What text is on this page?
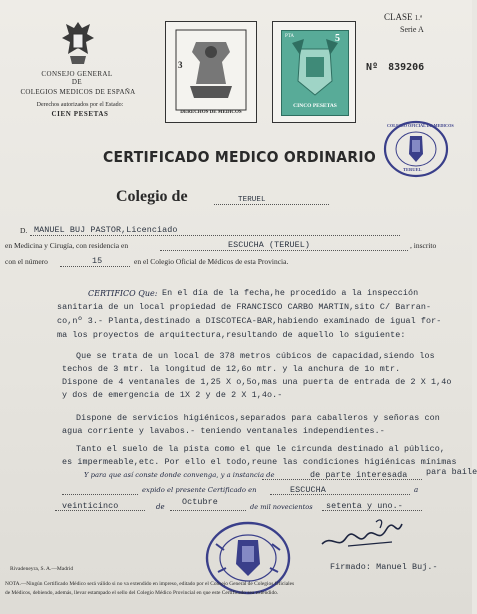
CONSEJO GENERAL
DE
COLEGIOS MEDICOS DE ESPAÑA
Derechos autorizados por el Estado:
CIEN PESETAS
3
DERECHOS DE MEDICOS
PTA	5
CINCO PESETAS
CLASE 1.ª
Serie A
Nº 839206
COLEGIO OFICIAL DE MEDICOS
TERUEL
CERTIFICADO MEDICO ORDINARIO
Colegio de	TERUEL
D. MANUEL BUJ PASTOR,Licenciado
en Medicina y Cirugía, con residencia en	ESCUCHA (TERUEL)	, inscrito
con el número	15	en el Colegio Oficial de Médicos de esta Provincia.
CERTIFICO Que: En el día de la fecha,he procedido a la inspección
sanitaria de un local propiedad de FRANCISCO CARBO MARTIN,sito C/ Barran-
co,nº 3.- Planta,destinado a DISCOTECA-BAR,habiendo examinado de igual for-
ma los proyectos de arquitectura,resultando de aquello lo siguiente:
Que se trata de un local de 378 metros cúbicos de capacidad,siendo los
techos de 3 mtr. la longitud de 12,6o mtr. y la anchura de 1o mtr.
Dispone de 4 ventanales de 1,25 X o,5o,mas una puerta de entrada de 2 X 1,4o
y dos de emergencia de 1X 2 y de 2 X 1,4o.-
Dispone de servicios higiénicos,separados para caballeros y señoras con
agua corriente y lavabos.- teniendo ventanales independientes.-
Tanto el suelo de la pista como el que le circunda destinado al público,
es impermeable,etc. Por ello el todo,reune las condiciones higiénicas mínimas
Y para que así conste donde convenga, y a instancia de	de parte interesada para baile
expido el presente Certificado en	ESCUCHA	a
veinticinco	de Octubre	de mil novecientos setenta y uno.-
Firmado: Manuel Buj.-
Rivadeneyra, S. A.—Madrid
NOTA.—Ningún Certificado Médico será válido si no va extendido en impreso, editado por el Consejo General de Colegios Oficiales
de Médicos, debiendo, además, llevar estampado el sello del Colegio Médico Provincial en que este Certificado sea extendido.
